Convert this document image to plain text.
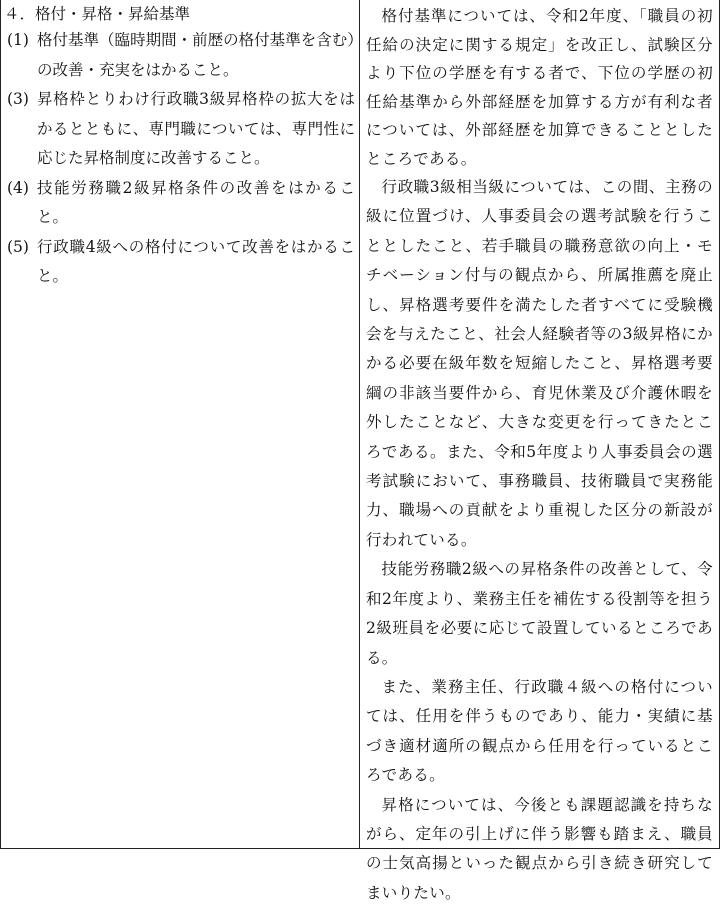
４．格付・昇格・昇給基準

(1) 格付基準（臨時期間・前歴の格付基準を含む）の改善・充実をはかること。
(3) 昇格枠とりわけ行政職3級昇格枠の拡大をはかるとともに、専門職については、専門性に応じた昇格制度に改善すること。
(4) 技能労務職2級昇格条件の改善をはかること。
(5) 行政職4級への格付について改善をはかること。

格付基準については、令和2年度、「職員の初任給の決定に関する規定」を改正し、試験区分より下位の学歴を有する者で、下位の学歴の初任給基準から外部経歴を加算する方が有利な者については、外部経歴を加算できることとしたところである。

行政職3級相当級については、この間、主務の級に位置づけ、人事委員会の選考試験を行うこととしたこと、若手職員の職務意欲の向上・モチベーション付与の観点から、所属推薦を廃止し、昇格選考要件を満たした者すべてに受験機会を与えたこと、社会人経験者等の3級昇格にかかる必要在級年数を短縮したこと、昇格選考要綱の非該当要件から、育児休業及び介護休暇を外したことなど、大きな変更を行ってきたところである。また、令和5年度より人事委員会の選考試験において、事務職員、技術職員で実務能力、職場への貢献をより重視した区分の新設が行われている。

技能労務職2級への昇格条件の改善として、令和2年度より、業務主任を補佐する役割等を担う2級班員を必要に応じて設置しているところである。

また、業務主任、行政職４級への格付については、任用を伴うものであり、能力・実績に基づき適材適所の観点から任用を行っているところである。

昇格については、今後とも課題認識を持ちながら、定年の引上げに伴う影響も踏まえ、職員の士気高揚といった観点から引き続き研究してまいりたい。
